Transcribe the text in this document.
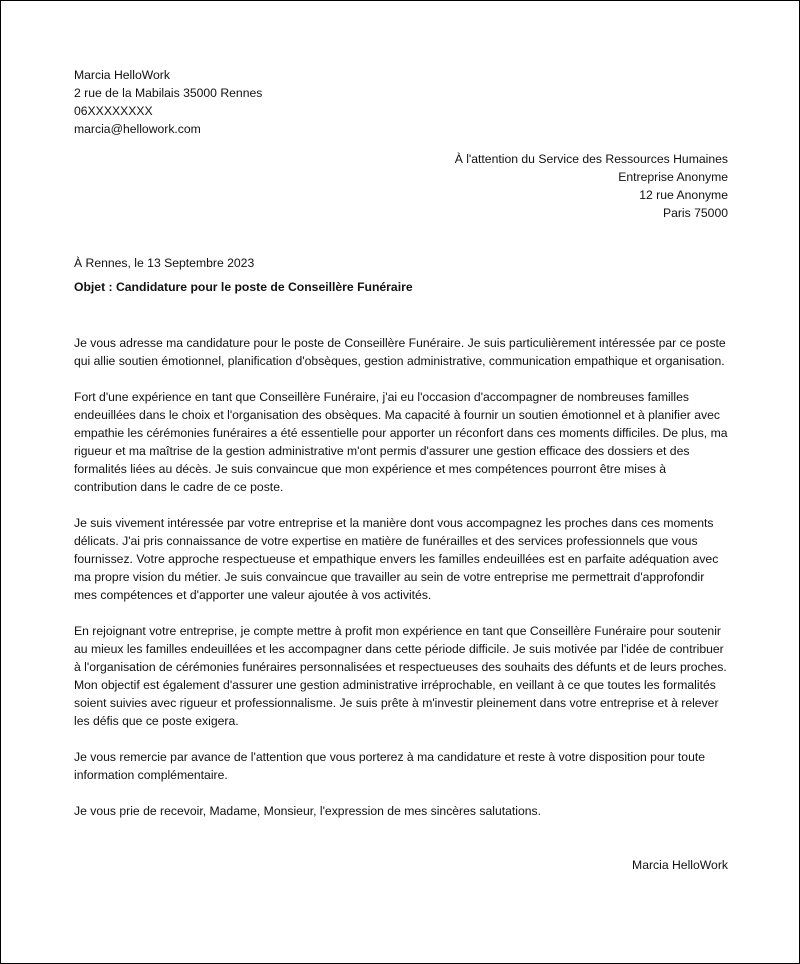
Marcia HelloWork
2 rue de la Mabilais 35000 Rennes
06XXXXXXXX
marcia@hellowork.com
À l'attention du Service des Ressources Humaines
Entreprise Anonyme
12 rue Anonyme
Paris 75000
À Rennes, le 13 Septembre 2023
Objet : Candidature pour le poste de Conseillère Funéraire

Je vous adresse ma candidature pour le poste de Conseillère Funéraire. Je suis particulièrement intéressée par ce poste qui allie soutien émotionnel, planification d'obsèques, gestion administrative, communication empathique et organisation.

Fort d'une expérience en tant que Conseillère Funéraire, j'ai eu l'occasion d'accompagner de nombreuses familles endeuillées dans le choix et l'organisation des obsèques. Ma capacité à fournir un soutien émotionnel et à planifier avec empathie les cérémonies funéraires a été essentielle pour apporter un réconfort dans ces moments difficiles. De plus, ma rigueur et ma maîtrise de la gestion administrative m'ont permis d'assurer une gestion efficace des dossiers et des formalités liées au décès. Je suis convaincue que mon expérience et mes compétences pourront être mises à contribution dans le cadre de ce poste.

Je suis vivement intéressée par votre entreprise et la manière dont vous accompagnez les proches dans ces moments délicats. J'ai pris connaissance de votre expertise en matière de funérailles et des services professionnels que vous fournissez. Votre approche respectueuse et empathique envers les familles endeuillées est en parfaite adéquation avec ma propre vision du métier. Je suis convaincue que travailler au sein de votre entreprise me permettrait d'approfondir mes compétences et d'apporter une valeur ajoutée à vos activités.

En rejoignant votre entreprise, je compte mettre à profit mon expérience en tant que Conseillère Funéraire pour soutenir au mieux les familles endeuillées et les accompagner dans cette période difficile. Je suis motivée par l'idée de contribuer à l'organisation de cérémonies funéraires personnalisées et respectueuses des souhaits des défunts et de leurs proches. Mon objectif est également d'assurer une gestion administrative irréprochable, en veillant à ce que toutes les formalités soient suivies avec rigueur et professionnalisme. Je suis prête à m'investir pleinement dans votre entreprise et à relever les défis que ce poste exigera.

Je vous remercie par avance de l'attention que vous porterez à ma candidature et reste à votre disposition pour toute information complémentaire.

Je vous prie de recevoir, Madame, Monsieur, l'expression de mes sincères salutations.
Marcia HelloWork
